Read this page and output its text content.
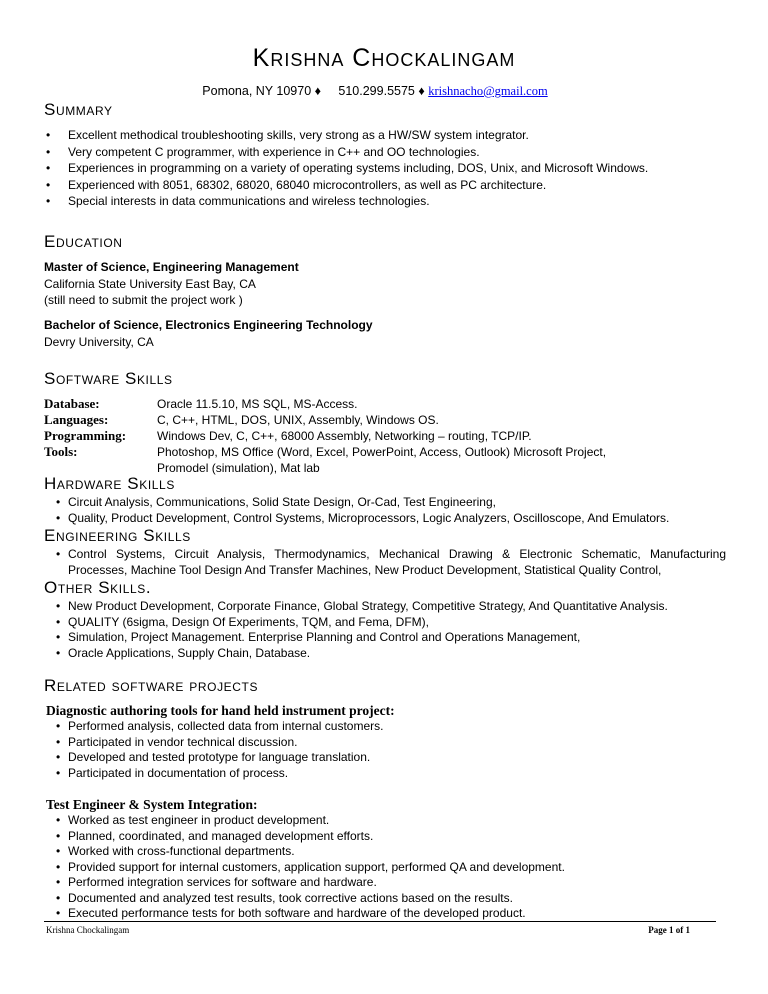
Krishna Chockalingam
Pomona, NY 10970 ♦     510.299.5575 ♦ krishnacho@gmail.com
Summary
• Excellent methodical troubleshooting skills, very strong as a HW/SW system integrator.
• Very competent C programmer, with experience in C++ and OO technologies.
• Experiences in programming on a variety of operating systems including, DOS, Unix, and Microsoft Windows.
• Experienced with 8051, 68302, 68020, 68040 microcontrollers, as well as PC architecture.
• Special interests in data communications and wireless technologies.
Education
Master of Science, Engineering Management
California State University East Bay, CA
(still need to submit the project work )
Bachelor of Science, Electronics Engineering Technology
Devry University, CA
Software Skills
Database:	Oracle 11.5.10, MS SQL, MS-Access.
Languages:	C, C++, HTML, DOS, UNIX, Assembly, Windows OS.
Programming:	Windows Dev, C, C++, 68000 Assembly, Networking – routing, TCP/IP.
Tools:	Photoshop, MS Office (Word, Excel, PowerPoint, Access, Outlook) Microsoft Project,
Promodel (simulation), Mat lab
Hardware Skills
• Circuit Analysis, Communications, Solid State Design, Or-Cad, Test Engineering,
• Quality, Product Development, Control Systems, Microprocessors, Logic Analyzers, Oscilloscope, And Emulators.
Engineering Skills
• Control Systems, Circuit Analysis, Thermodynamics, Mechanical Drawing & Electronic Schematic, Manufacturing
Processes, Machine Tool Design And Transfer Machines, New Product Development, Statistical Quality Control,
Other Skills.
• New Product Development, Corporate Finance, Global Strategy, Competitive Strategy, And Quantitative Analysis.
• QUALITY (6sigma, Design Of Experiments, TQM, and Fema, DFM),
• Simulation, Project Management. Enterprise Planning and Control and Operations Management,
• Oracle Applications, Supply Chain, Database.
Related software projects
Diagnostic authoring tools for hand held instrument project:
• Performed analysis, collected data from internal customers.
• Participated in vendor technical discussion.
• Developed and tested prototype for language translation.
• Participated in documentation of process.
Test Engineer & System Integration:
• Worked as test engineer in product development.
• Planned, coordinated, and managed development efforts.
• Worked with cross-functional departments.
• Provided support for internal customers, application support, performed QA and development.
• Performed integration services for software and hardware.
• Documented and analyzed test results, took corrective actions based on the results.
• Executed performance tests for both software and hardware of the developed product.
Krishna Chockalingam	Page 1 of 1
